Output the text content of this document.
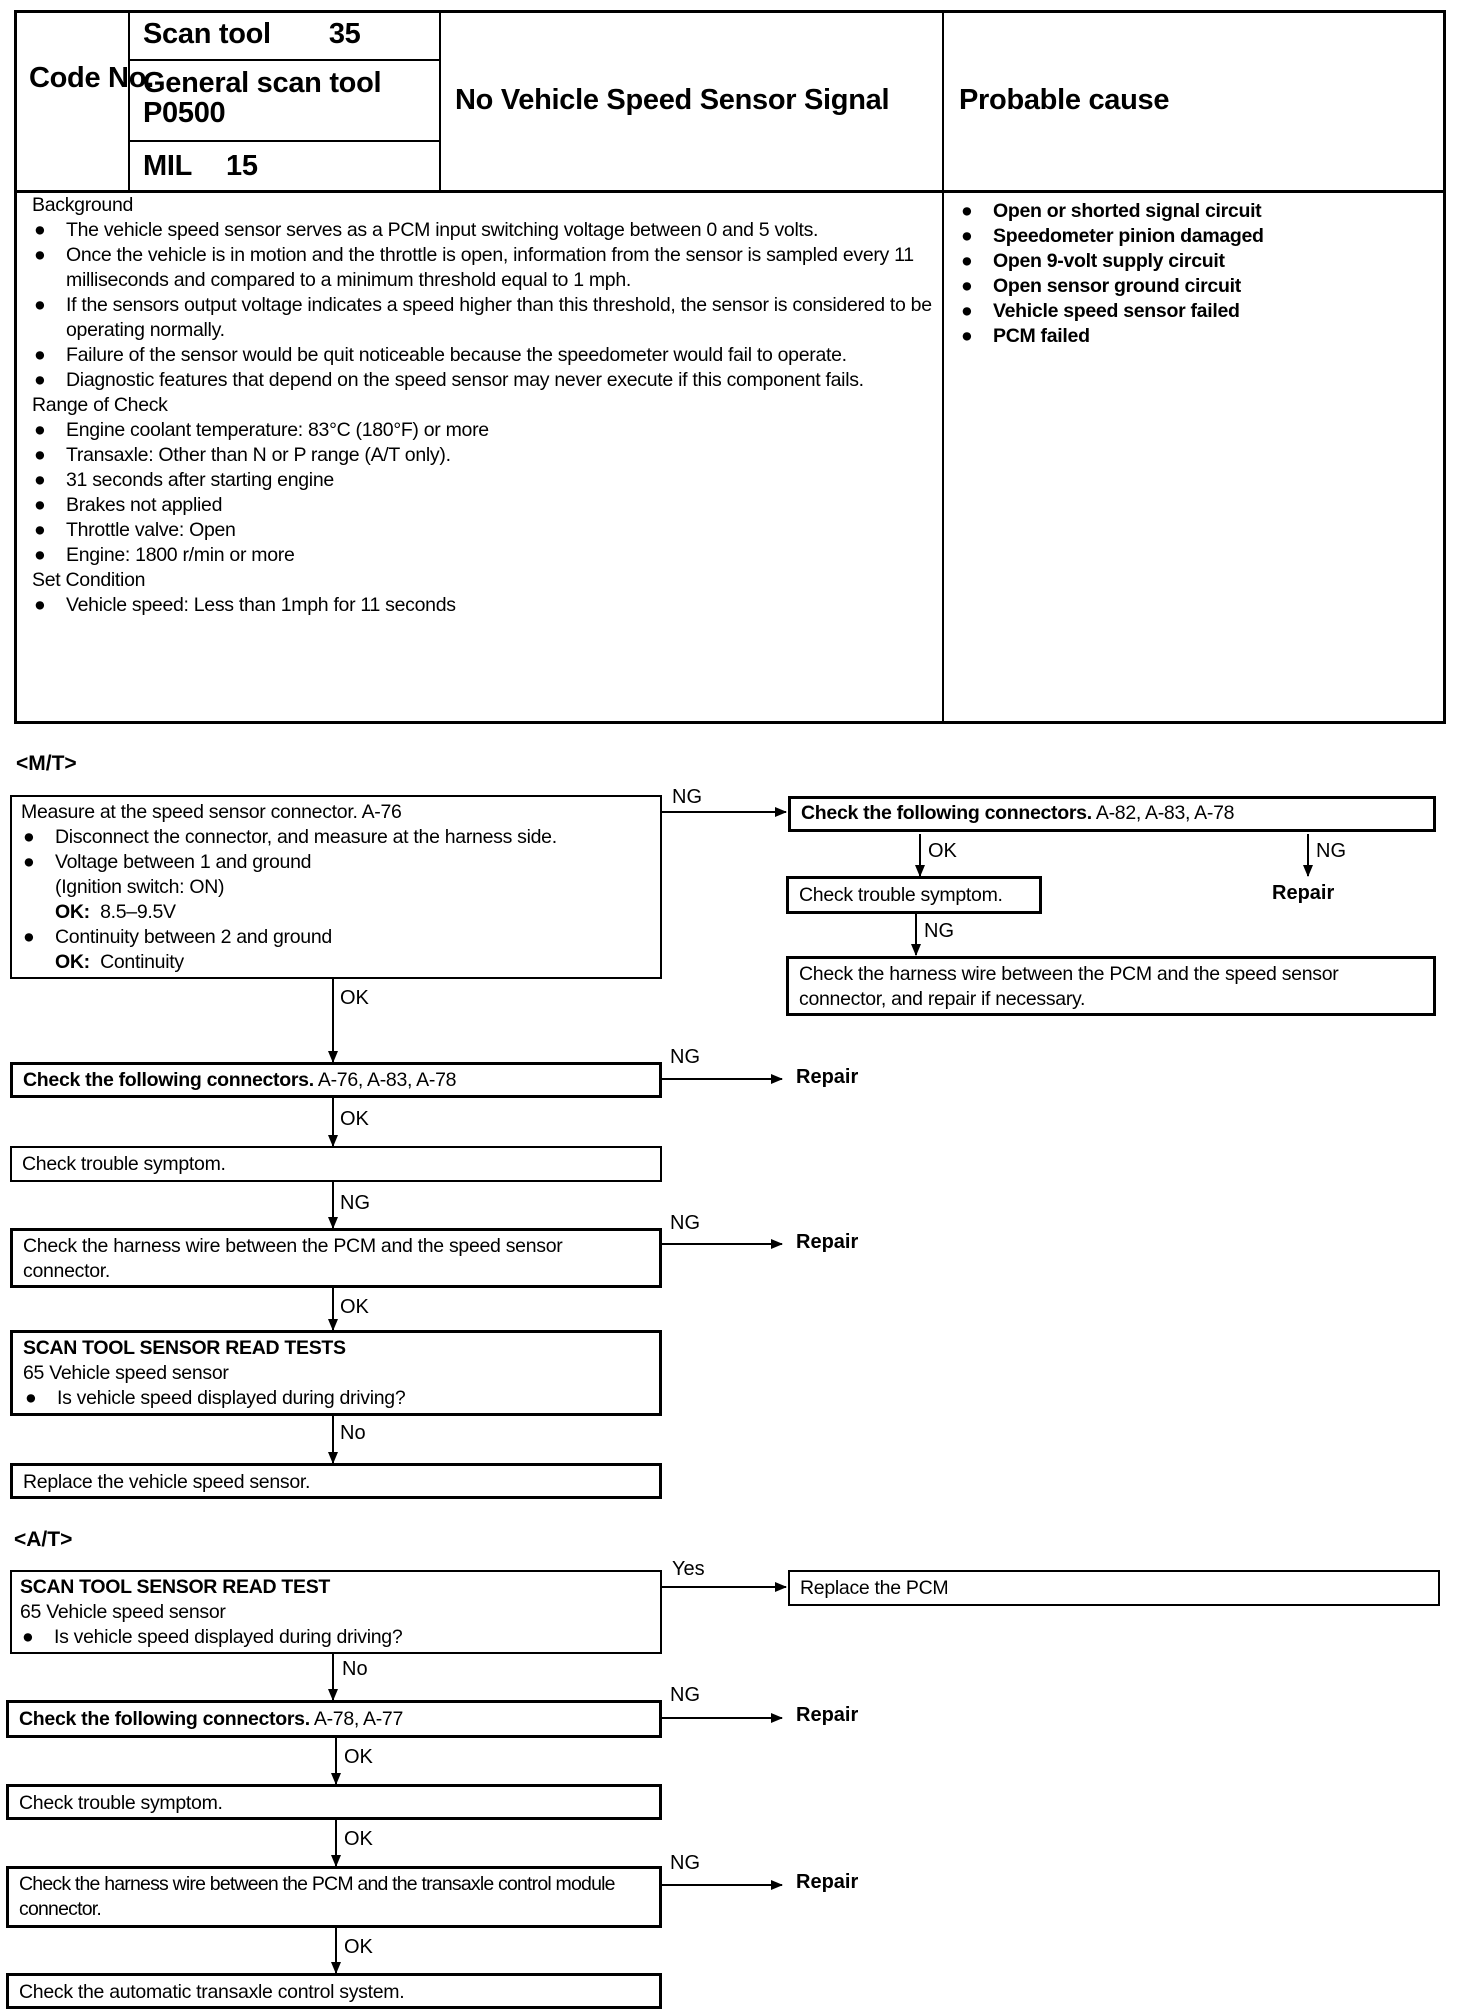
Code No.
Scan tool 35
General scan tool
P0500
MIL 15
No Vehicle Speed Sensor Signal Probable cause
Background
● The vehicle speed sensor serves as a PCM input switching voltage between 0 and 5 volts.
● Once the vehicle is in motion and the throttle is open, information from the sensor is sampled every 11 milliseconds and compared to a minimum threshold equal to 1 mph.
● If the sensors output voltage indicates a speed higher than this threshold, the sensor is considered to be operating normally.
● Failure of the sensor would be quit noticeable because the speedometer would fail to operate.
● Diagnostic features that depend on the speed sensor may never execute if this component fails.
Range of Check
● Engine coolant temperature: 83°C (180°F) or more
● Transaxle: Other than N or P range (A/T only).
● 31 seconds after starting engine
● Brakes not applied
● Throttle valve: Open
● Engine: 1800 r/min or more
Set Condition
● Vehicle speed: Less than 1mph for 11 seconds
● Open or shorted signal circuit
● Speedometer pinion damaged
● Open 9-volt supply circuit
● Open sensor ground circuit
● Vehicle speed sensor failed
● PCM failed
<M/T>
Measure at the speed sensor connector. A-76
● Disconnect the connector, and measure at the harness side.
● Voltage between 1 and ground
(Ignition switch: ON)
OK: 8.5–9.5V
● Continuity between 2 and ground
OK: Continuity
NG
OK
Check the following connectors. A-82, A-83, A-78
OK	NG
Repair
Check trouble symptom.
NG
Check the harness wire between the PCM and the speed sensor connector, and repair if necessary.
Check the following connectors. A-76, A-83, A-78
NG
Repair
OK
Check trouble symptom.
NG
Check the harness wire between the PCM and the speed sensor connector.
NG
Repair
OK
SCAN TOOL SENSOR READ TESTS
65 Vehicle speed sensor
● Is vehicle speed displayed during driving?
No
Replace the vehicle speed sensor.
<A/T>
SCAN TOOL SENSOR READ TEST
65 Vehicle speed sensor
● Is vehicle speed displayed during driving?
Yes
Replace the PCM
No
Check the following connectors. A-78, A-77
NG
Repair
OK
Check trouble symptom.
OK
Check the harness wire between the PCM and the transaxle control module connector.
NG
Repair
OK
Check the automatic transaxle control system.
